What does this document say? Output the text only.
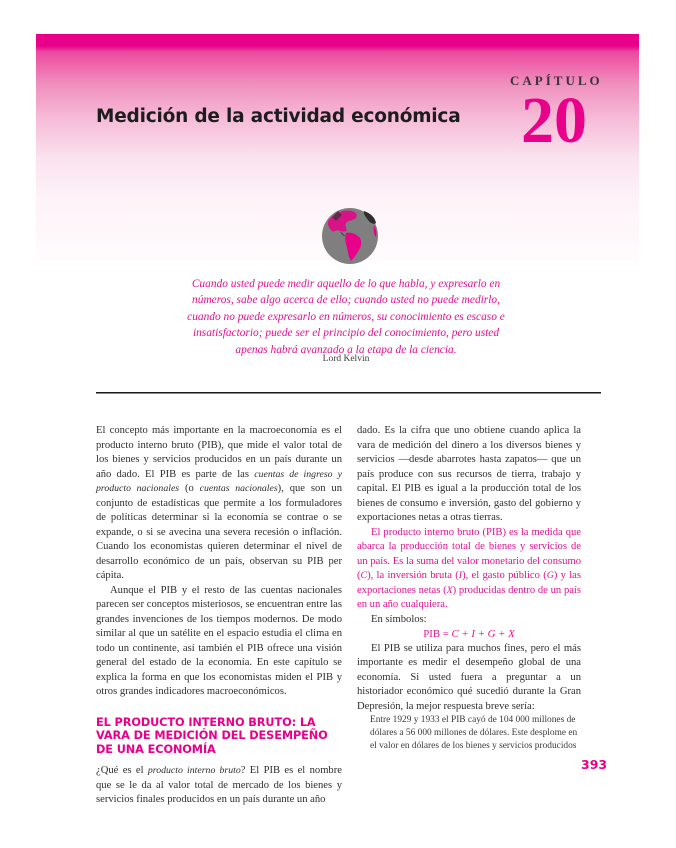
Medición de la actividad económica
CAPÍTULO
20
Cuando usted puede medir aquello de lo que habla, y expresarlo en números, sabe algo acerca de ello; cuando usted no puede medirlo, cuando no puede expresarlo en números, su conocimiento es escaso e insatisfactorio; puede ser el principio del conocimiento, pero usted apenas habrá avanzado a la etapa de la ciencia.
Lord Kelvin

El concepto más importante en la macroeconomía es el producto interno bruto (PIB), que mide el valor total de los bienes y servicios producidos en un país durante un año dado. El PIB es parte de las cuentas de ingreso y producto nacionales (o cuentas nacionales), que son un conjunto de estadísticas que permite a los formuladores de políticas determinar si la economía se contrae o se expande, o si se avecina una severa recesión o inflación. Cuando los economistas quieren determinar el nivel de desarrollo económico de un país, observan su PIB per cápita.

Aunque el PIB y el resto de las cuentas nacionales parecen ser conceptos misteriosos, se encuentran entre las grandes invenciones de los tiempos modernos. De modo similar al que un satélite en el espacio estudia el clima en todo un continente, así también el PIB ofrece una visión general del estado de la economía. En este capítulo se explica la forma en que los economistas miden el PIB y otros grandes indicadores macroeconómicos.

EL PRODUCTO INTERNO BRUTO: LA VARA DE MEDICIÓN DEL DESEMPEÑO DE UNA ECONOMÍA

¿Qué es el producto interno bruto? El PIB es el nombre que se le da al valor total de mercado de los bienes y servicios finales producidos en un país durante un año

dado. Es la cifra que uno obtiene cuando aplica la vara de medición del dinero a los diversos bienes y servicios —desde abarrotes hasta zapatos— que un país produce con sus recursos de tierra, trabajo y capital. El PIB es igual a la producción total de los bienes de consumo e inversión, gasto del gobierno y exportaciones netas a otras tierras.

El producto interno bruto (PIB) es la medida que abarca la producción total de bienes y servicios de un país. Es la suma del valor monetario del consumo (C), la inversión bruta (I), el gasto público (G) y las exportaciones netas (X) producidas dentro de un país en un año cualquiera.

En símbolos:

PIB = C + I + G + X

El PIB se utiliza para muchos fines, pero el más importante es medir el desempeño global de una economía. Si usted fuera a preguntar a un historiador económico qué sucedió durante la Gran Depresión, la mejor respuesta breve sería:

Entre 1929 y 1933 el PIB cayó de 104 000 millones de dólares a 56 000 millones de dólares. Este desplome en el valor en dólares de los bienes y servicios producidos

393
